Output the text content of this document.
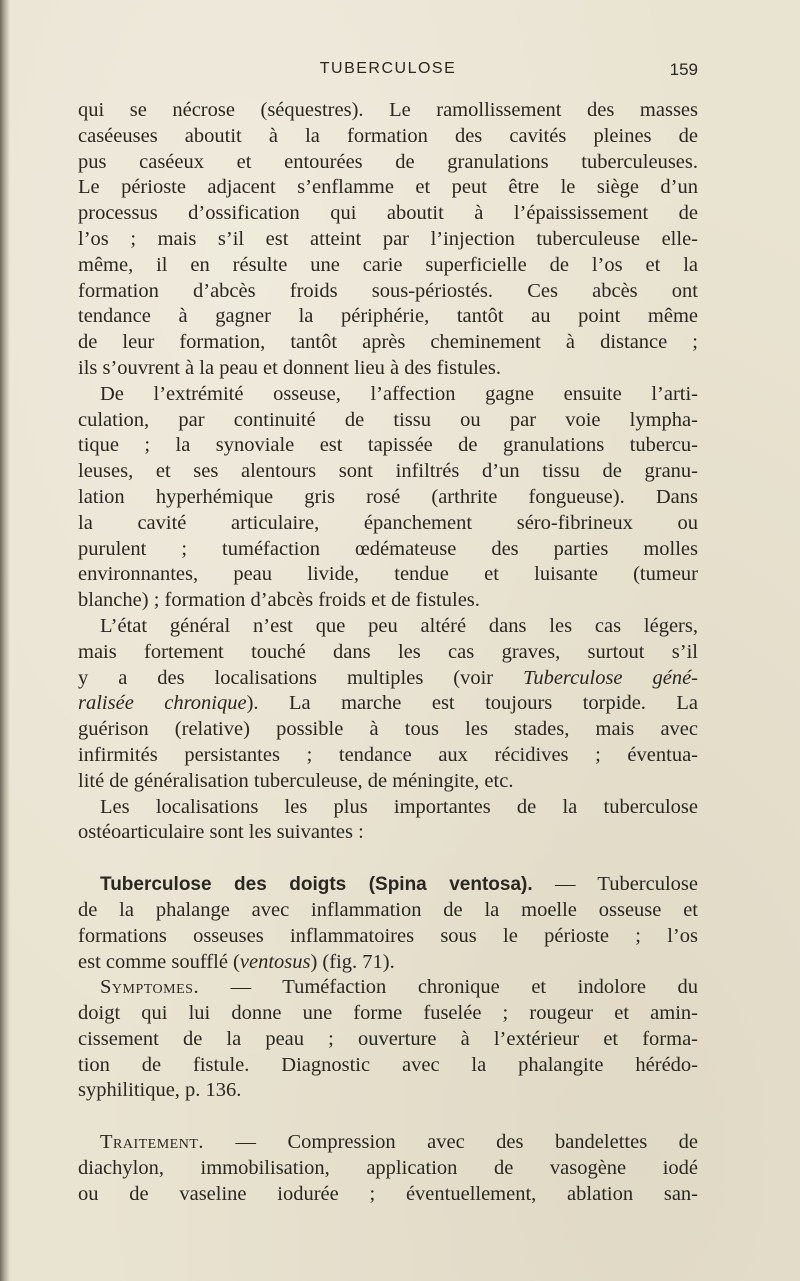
TUBERCULOSE	159
qui se nécrose (séquestres). Le ramollissement des masses
caséeuses aboutit à la formation des cavités pleines de
pus caséeux et entourées de granulations tuberculeuses.
Le périoste adjacent s’enflamme et peut être le siège d’un
processus d’ossification qui aboutit à l’épaississement de
l’os ; mais s’il est atteint par l’injection tuberculeuse elle-
même, il en résulte une carie superficielle de l’os et la
formation d’abcès froids sous-périostés. Ces abcès ont
tendance à gagner la périphérie, tantôt au point même
de leur formation, tantôt après cheminement à distance ;
ils s’ouvrent à la peau et donnent lieu à des fistules.
De l’extrémité osseuse, l’affection gagne ensuite l’arti-
culation, par continuité de tissu ou par voie lympha-
tique ; la synoviale est tapissée de granulations tubercu-
leuses, et ses alentours sont infiltrés d’un tissu de granu-
lation hyperhémique gris rosé (arthrite fongueuse). Dans
la cavité articulaire, épanchement séro-fibrineux ou
purulent ; tuméfaction œdémateuse des parties molles
environnantes, peau livide, tendue et luisante (tumeur
blanche) ; formation d’abcès froids et de fistules.
L’état général n’est que peu altéré dans les cas légers,
mais fortement touché dans les cas graves, surtout s’il
y a des localisations multiples (voir Tuberculose géné-
ralisée chronique). La marche est toujours torpide. La
guérison (relative) possible à tous les stades, mais avec
infirmités persistantes ; tendance aux récidives ; éventua-
lité de généralisation tuberculeuse, de méningite, etc.
Les localisations les plus importantes de la tuberculose
ostéoarticulaire sont les suivantes :
Tuberculose des doigts (Spina ventosa). — Tuberculose
de la phalange avec inflammation de la moelle osseuse et
formations osseuses inflammatoires sous le périoste ; l’os
est comme soufflé (ventosus) (fig. 71).
Symptomes. — Tuméfaction chronique et indolore du
doigt qui lui donne une forme fuselée ; rougeur et amin-
cissement de la peau ; ouverture à l’extérieur et forma-
tion de fistule. Diagnostic avec la phalangite hérédo-
syphilitique, p. 136.
Traitement. — Compression avec des bandelettes de
diachylon, immobilisation, application de vasogène iodé
ou de vaseline iodurée ; éventuellement, ablation san-
